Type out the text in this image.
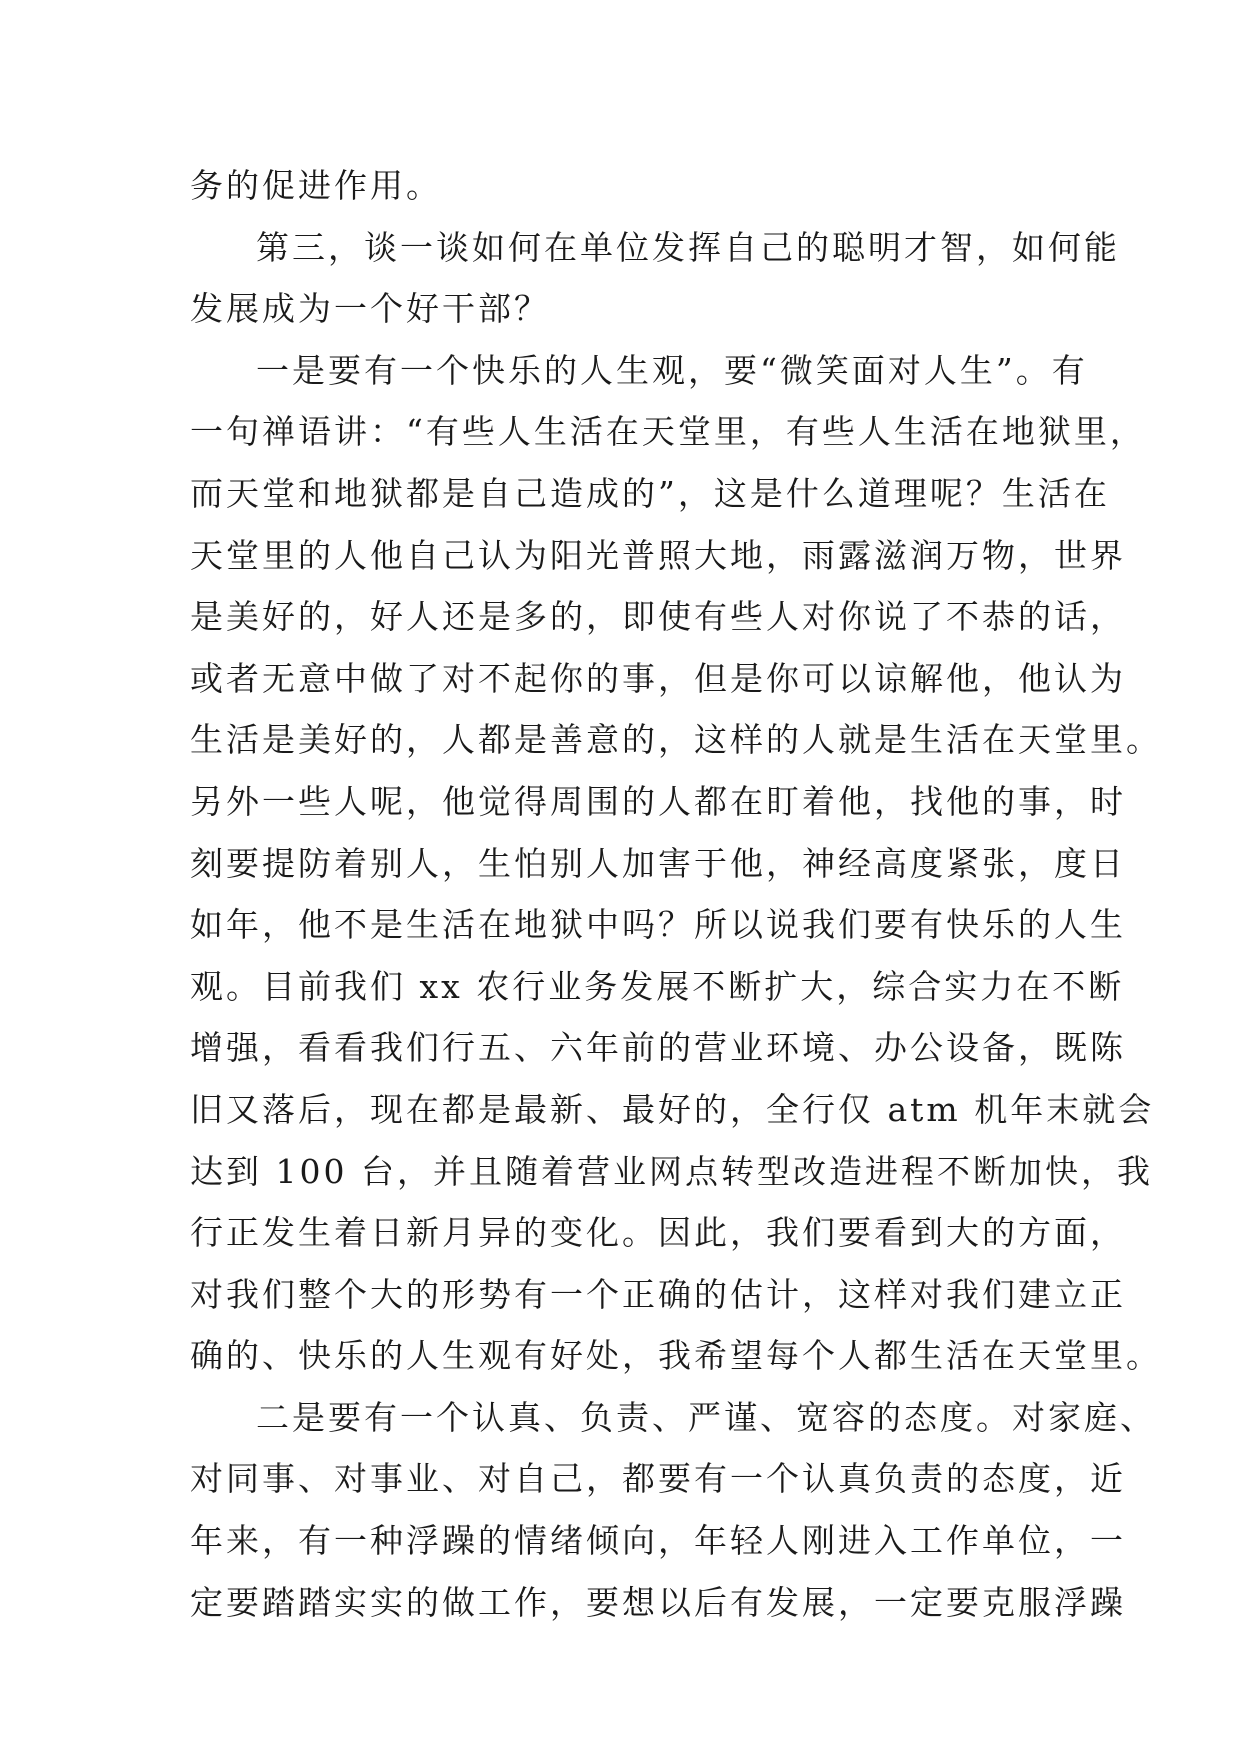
务的促进作用。
第三，谈一谈如何在单位发挥自己的聪明才智，如何能
发展成为一个好干部？
一是要有一个快乐的人生观，要“微笑面对人生”。有
一句禅语讲：“有些人生活在天堂里，有些人生活在地狱里，
而天堂和地狱都是自己造成的”，这是什么道理呢？生活在
天堂里的人他自己认为阳光普照大地，雨露滋润万物，世界
是美好的，好人还是多的，即使有些人对你说了不恭的话，
或者无意中做了对不起你的事，但是你可以谅解他，他认为
生活是美好的，人都是善意的，这样的人就是生活在天堂里。
另外一些人呢，他觉得周围的人都在盯着他，找他的事，时
刻要提防着别人，生怕别人加害于他，神经高度紧张，度日
如年，他不是生活在地狱中吗？所以说我们要有快乐的人生
观。目前我们 xx 农行业务发展不断扩大，综合实力在不断
增强，看看我们行五、六年前的营业环境、办公设备，既陈
旧又落后，现在都是最新、最好的，全行仅 atm 机年末就会
达到 100 台，并且随着营业网点转型改造进程不断加快，我
行正发生着日新月异的变化。因此，我们要看到大的方面，
对我们整个大的形势有一个正确的估计，这样对我们建立正
确的、快乐的人生观有好处，我希望每个人都生活在天堂里。
二是要有一个认真、负责、严谨、宽容的态度。对家庭、
对同事、对事业、对自己，都要有一个认真负责的态度，近
年来，有一种浮躁的情绪倾向，年轻人刚进入工作单位，一
定要踏踏实实的做工作，要想以后有发展，一定要克服浮躁
